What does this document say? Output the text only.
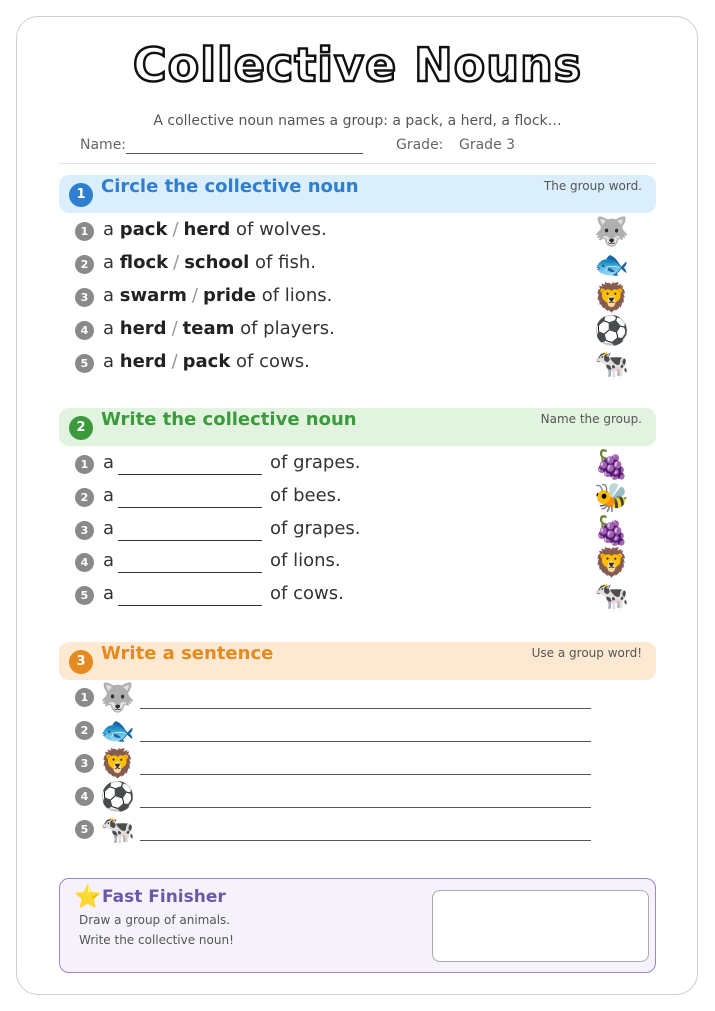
Collective Nouns
A collective noun names a group: a pack, a herd, a flock…
Name:	Grade: Grade 3
1 Circle the collective noun	The group word.
1 a pack / herd of wolves.	🐺
2 a flock / school of fish.	🐟
3 a swarm / pride of lions.	🦁
4 a herd / team of players.	⚽
5 a herd / pack of cows.	🐄
2 Write the collective noun	Name the group.
1 a	of grapes.	🍇
2 a	of bees.	🐝
3 a	of grapes.	🍇
4 a	of lions.	🦁
5 a	of cows.	🐄
3 Write a sentence	Use a group word!
1 🐺
2 🐟
3 🦁
4 ⚽
5 🐄
⭐ Fast Finisher
Draw a group of animals.
Write the collective noun!
